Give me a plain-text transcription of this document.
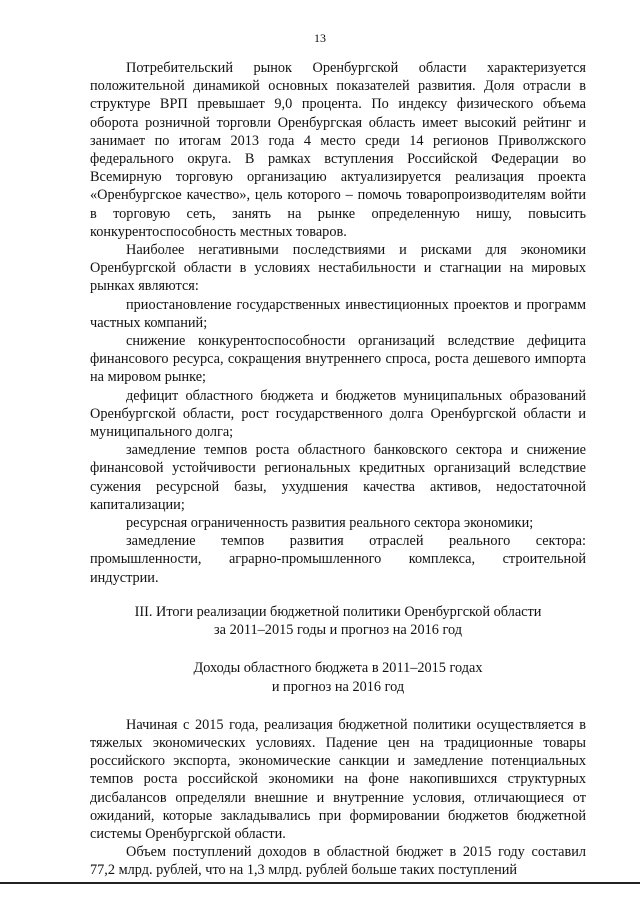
13

Потребительский рынок Оренбургской области характеризуется положительной динамикой основных показателей развития. Доля отрасли в структуре ВРП превышает 9,0 процента. По индексу физического объема оборота розничной торговли Оренбургская область имеет высокий рейтинг и занимает по итогам 2013 года 4 место среди 14 регионов Приволжского федерального округа. В рамках вступления Российской Федерации во Всемирную торговую организацию актуализируется реализация проекта «Оренбургское качество», цель которого – помочь товаропроизводителям войти в торговую сеть, занять на рынке определенную нишу, повысить конкурентоспособность местных товаров.

Наиболее негативными последствиями и рисками для экономики Оренбургской области в условиях нестабильности и стагнации на мировых рынках являются:

приостановление государственных инвестиционных проектов и программ частных компаний;

снижение конкурентоспособности организаций вследствие дефицита финансового ресурса, сокращения внутреннего спроса, роста дешевого импорта на мировом рынке;

дефицит областного бюджета и бюджетов муниципальных образований Оренбургской области, рост государственного долга Оренбургской области и муниципального долга;

замедление темпов роста областного банковского сектора и снижение финансовой устойчивости региональных кредитных организаций вследствие сужения ресурсной базы, ухудшения качества активов, недостаточной капитализации;

ресурсная ограниченность развития реального сектора экономики;

замедление темпов развития отраслей реального сектора: промышленности, аграрно-промышленного комплекса, строительной индустрии.

III. Итоги реализации бюджетной политики Оренбургской области
за 2011–2015 годы и прогноз на 2016 год
Доходы областного бюджета в 2011–2015 годах
и прогноз на 2016 год

Начиная с 2015 года, реализация бюджетной политики осуществляется в тяжелых экономических условиях. Падение цен на традиционные товары российского экспорта, экономические санкции и замедление потенциальных темпов роста российской экономики на фоне накопившихся структурных дисбалансов определяли внешние и внутренние условия, отличающиеся от ожиданий, которые закладывались при формировании бюджетов бюджетной системы Оренбургской области.

Объем поступлений доходов в областной бюджет в 2015 году составил 77,2 млрд. рублей, что на 1,3 млрд. рублей больше таких поступлений
